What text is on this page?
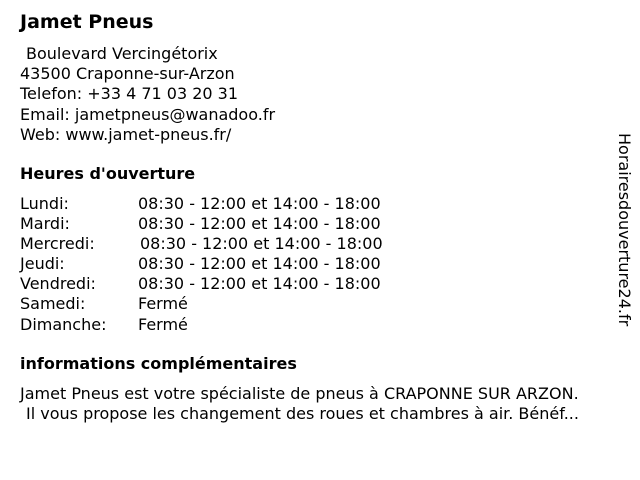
Jamet Pneus
Boulevard Vercingétorix
43500 Craponne-sur-Arzon
Telefon: +33 4 71 03 20 31
Email: jametpneus@wanadoo.fr
Web: www.jamet-pneus.fr/
Heures d'ouverture
Lundi:	08:30 - 12:00 et 14:00 - 18:00
Mardi:	08:30 - 12:00 et 14:00 - 18:00
Mercredi:	08:30 - 12:00 et 14:00 - 18:00
Jeudi:	08:30 - 12:00 et 14:00 - 18:00
Vendredi:	08:30 - 12:00 et 14:00 - 18:00
Samedi:	Fermé
Dimanche: Fermé
informations complémentaires
Jamet Pneus est votre spécialiste de pneus à CRAPONNE SUR ARZON.
Il vous propose les changement des roues et chambres à air. Bénéf...
Horairesdouverture24.fr
